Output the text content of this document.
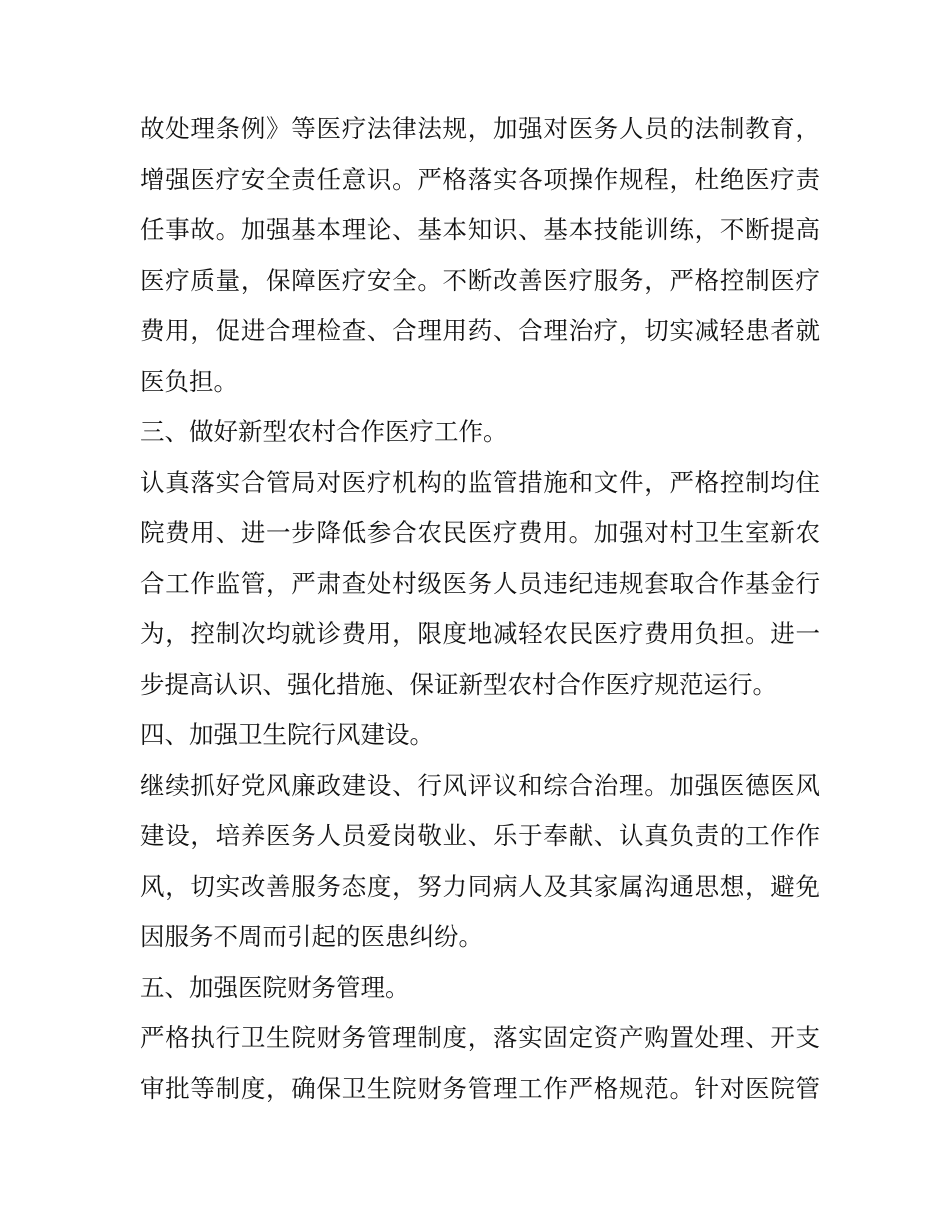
故处理条例》等医疗法律法规，加强对医务人员的法制教育，
增强医疗安全责任意识。严格落实各项操作规程，杜绝医疗责
任事故。加强基本理论、基本知识、基本技能训练，不断提高
医疗质量，保障医疗安全。不断改善医疗服务，严格控制医疗
费用，促进合理检查、合理用药、合理治疗，切实减轻患者就
医负担。
三、做好新型农村合作医疗工作。
认真落实合管局对医疗机构的监管措施和文件，严格控制均住
院费用、进一步降低参合农民医疗费用。加强对村卫生室新农
合工作监管，严肃查处村级医务人员违纪违规套取合作基金行
为，控制次均就诊费用，限度地减轻农民医疗费用负担。进一
步提高认识、强化措施、保证新型农村合作医疗规范运行。
四、加强卫生院行风建设。
继续抓好党风廉政建设、行风评议和综合治理。加强医德医风
建设，培养医务人员爱岗敬业、乐于奉献、认真负责的工作作
风，切实改善服务态度，努力同病人及其家属沟通思想，避免
因服务不周而引起的医患纠纷。
五、加强医院财务管理。
严格执行卫生院财务管理制度，落实固定资产购置处理、开支
审批等制度，确保卫生院财务管理工作严格规范。针对医院管
